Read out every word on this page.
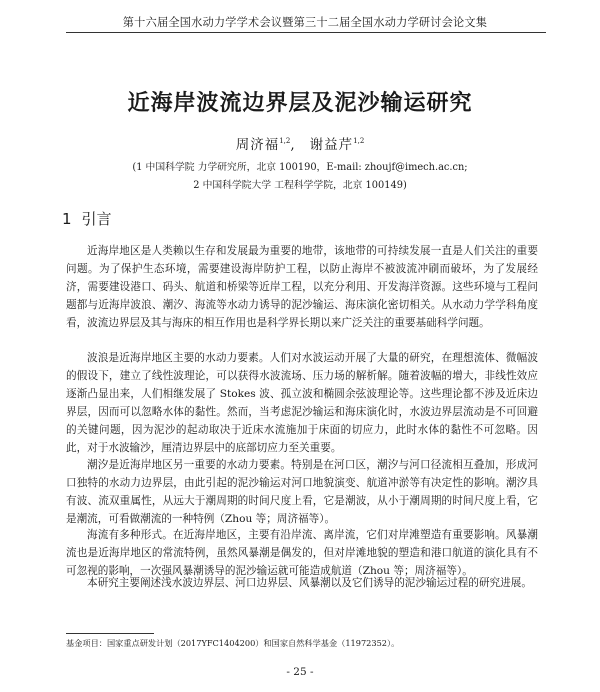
第十六届全国水动力学学术会议暨第三十二届全国水动力学研讨会论文集
近海岸波流边界层及泥沙输运研究
周济福$^{1,2}$, 谢益芹$^{1,2}$
(1 中国科学院 力学研究所，北京 100190，E-mail: zhoujf@imech.ac.cn;
2 中国科学院大学 工程科学学院，北京 100149)
1 引言

近海岸地区是人类赖以生存和发展最为重要的地带，该地带的可持续发展一直是人们关注的重要问题。为了保护生态环境，需要建设海岸防护工程，以防止海岸不被波流冲刷而破坏，为了发展经济，需要建设港口、码头、航道和桥梁等近岸工程，以充分利用、开发海洋资源。这些环境与工程问题都与近海岸波浪、潮汐、海流等水动力诱导的泥沙输运、海床演化密切相关。从水动力学学科角度看，波流边界层及其与海床的相互作用也是科学界长期以来广泛关注的重要基础科学问题。

波浪是近海岸地区主要的水动力要素。人们对水波运动开展了大量的研究，在理想流体、微幅波的假设下，建立了线性波理论，可以获得水波流场、压力场的解析解。随着波幅的增大，非线性效应逐渐凸显出来，人们相继发展了 Stokes 波、孤立波和椭圆余弦波理论等。这些理论都不涉及近床边界层，因而可以忽略水体的黏性。然而，当考虑泥沙输运和海床演化时，水波边界层流动是不可回避的关键问题，因为泥沙的起动取决于近床水流施加于床面的切应力，此时水体的黏性不可忽略。因此，对于水波输沙，厘清边界层中的底部切应力至关重要。

潮汐是近海岸地区另一重要的水动力要素。特别是在河口区，潮汐与河口径流相互叠加，形成河口独特的水动力边界层，由此引起的泥沙输运对河口地貌演变、航道冲淤等有决定性的影响。潮汐具有波、流双重属性，从远大于潮周期的时间尺度上看，它是潮波，从小于潮周期的时间尺度上看，它是潮流，可看做潮流的一种特例（Zhou 等；周济福等）。

海流有多种形式。在近海岸地区，主要有沿岸流、离岸流，它们对岸滩塑造有重要影响。风暴潮流也是近海岸地区的常流特例，虽然风暴潮是偶发的，但对岸滩地貌的塑造和港口航道的演化具有不可忽视的影响，一次强风暴潮诱导的泥沙输运就可能造成航道（Zhou 等；周济福等）。

本研究主要阐述浅水波边界层、河口边界层、风暴潮以及它们诱导的泥沙输运过程的研究进展。

基金项目：国家重点研发计划（2017YFC1404200）和国家自然科学基金（11972352）。
- 25 -
